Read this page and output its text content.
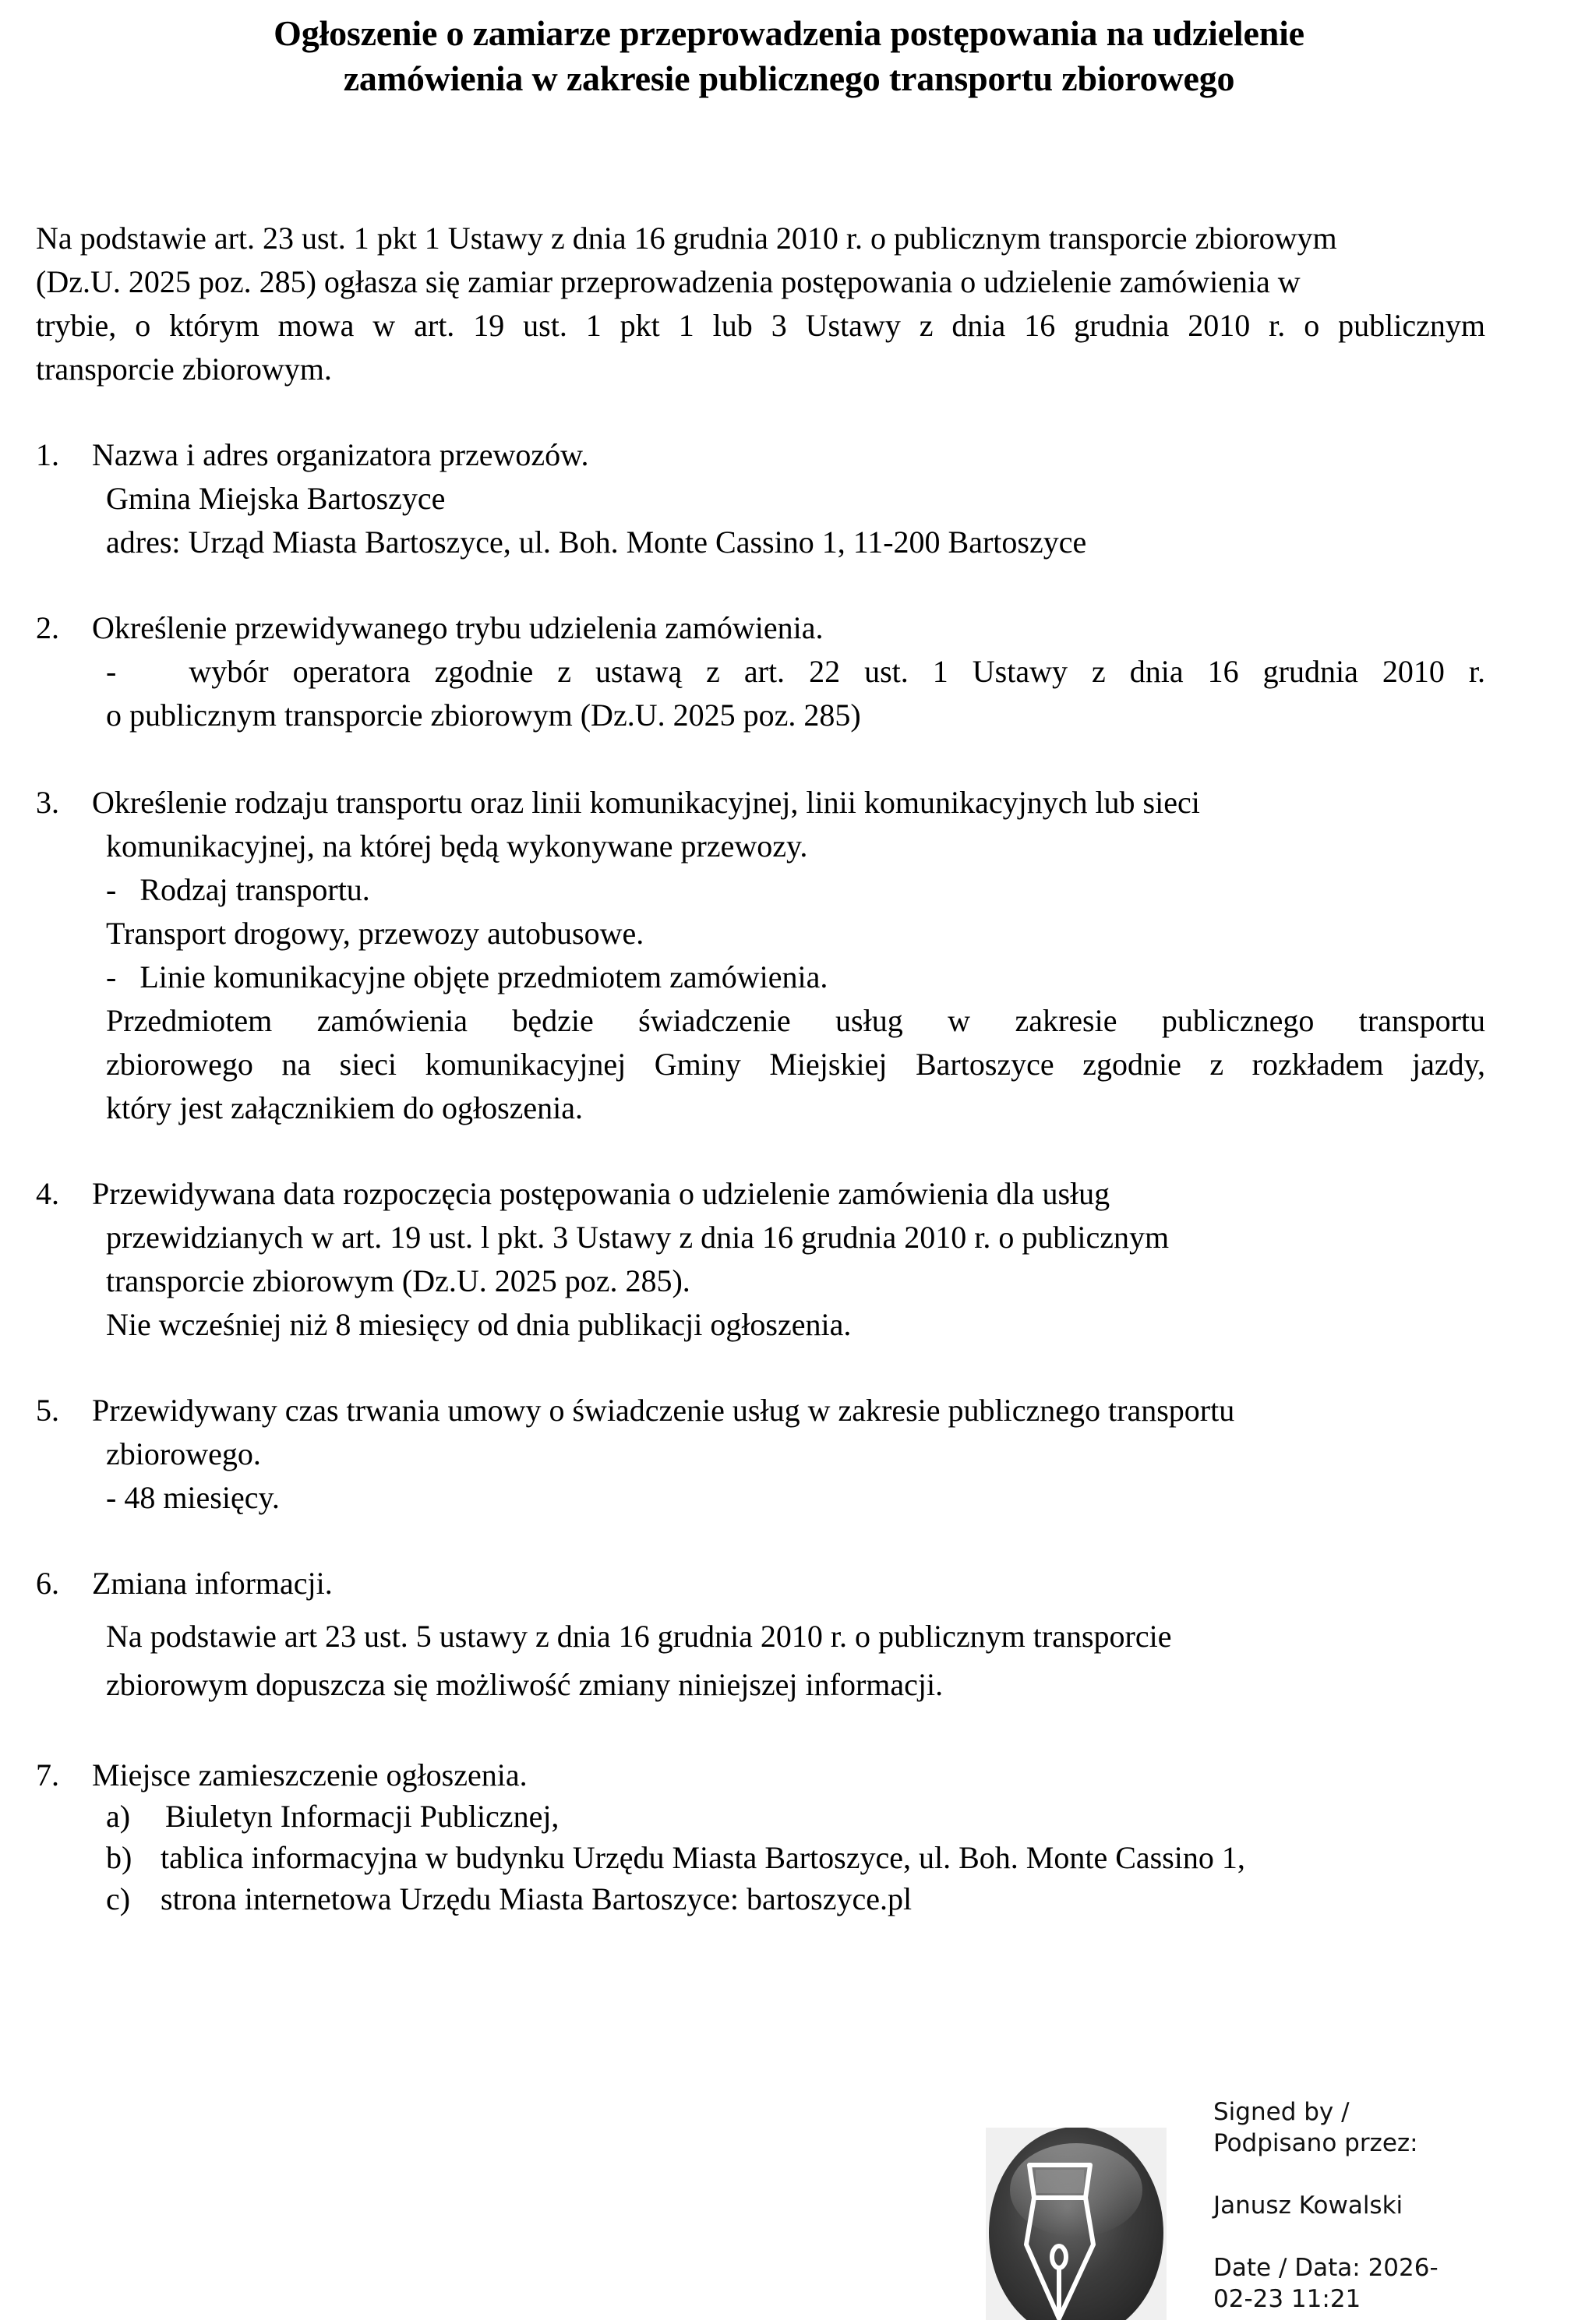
Ogłoszenie o zamiarze przeprowadzenia postępowania na udzielenie
zamówienia w zakresie publicznego transportu zbiorowego
Na podstawie art. 23 ust. 1 pkt 1 Ustawy z dnia 16 grudnia 2010 r. o publicznym transporcie zbiorowym
(Dz.U. 2025 poz. 285) ogłasza się zamiar przeprowadzenia postępowania o udzielenie zamówienia w
trybie, o którym mowa w art. 19 ust. 1 pkt 1 lub 3 Ustawy z dnia 16 grudnia 2010 r. o publicznym
transporcie zbiorowym.
1. Nazwa i adres organizatora przewozów.
Gmina Miejska Bartoszyce
adres: Urząd Miasta Bartoszyce, ul. Boh. Monte Cassino 1, 11-200 Bartoszyce
2. Określenie przewidywanego trybu udzielenia zamówienia.
-   wybór operatora zgodnie z ustawą z art. 22 ust. 1 Ustawy z dnia 16 grudnia 2010 r.
o publicznym transporcie zbiorowym (Dz.U. 2025 poz. 285)
3. Określenie rodzaju transportu oraz linii komunikacyjnej, linii komunikacyjnych lub sieci
komunikacyjnej, na której będą wykonywane przewozy.
-   Rodzaj transportu.
Transport drogowy, przewozy autobusowe.
-   Linie komunikacyjne objęte przedmiotem zamówienia.
Przedmiotem zamówienia będzie świadczenie usług w zakresie publicznego transportu
zbiorowego na sieci komunikacyjnej Gminy Miejskiej Bartoszyce zgodnie z rozkładem jazdy,
który jest załącznikiem do ogłoszenia.
4. Przewidywana data rozpoczęcia postępowania o udzielenie zamówienia dla usług
przewidzianych w art. 19 ust. l pkt. 3 Ustawy z dnia 16 grudnia 2010 r. o publicznym
transporcie zbiorowym (Dz.U. 2025 poz. 285).
Nie wcześniej niż 8 miesięcy od dnia publikacji ogłoszenia.
5. Przewidywany czas trwania umowy o świadczenie usług w zakresie publicznego transportu
zbiorowego.
- 48 miesięcy.
6. Zmiana informacji.
Na podstawie art 23 ust. 5 ustawy z dnia 16 grudnia 2010 r. o publicznym transporcie
zbiorowym dopuszcza się możliwość zmiany niniejszej informacji.
7. Miejsce zamieszczenie ogłoszenia.
a) Biuletyn Informacji Publicznej,
b) tablica informacyjna w budynku Urzędu Miasta Bartoszyce, ul. Boh. Monte Cassino 1,
c) strona internetowa Urzędu Miasta Bartoszyce: bartoszyce.pl
Signed by /
Podpisano przez:
Janusz Kowalski
Date / Data: 2026-
02-23 11:21
